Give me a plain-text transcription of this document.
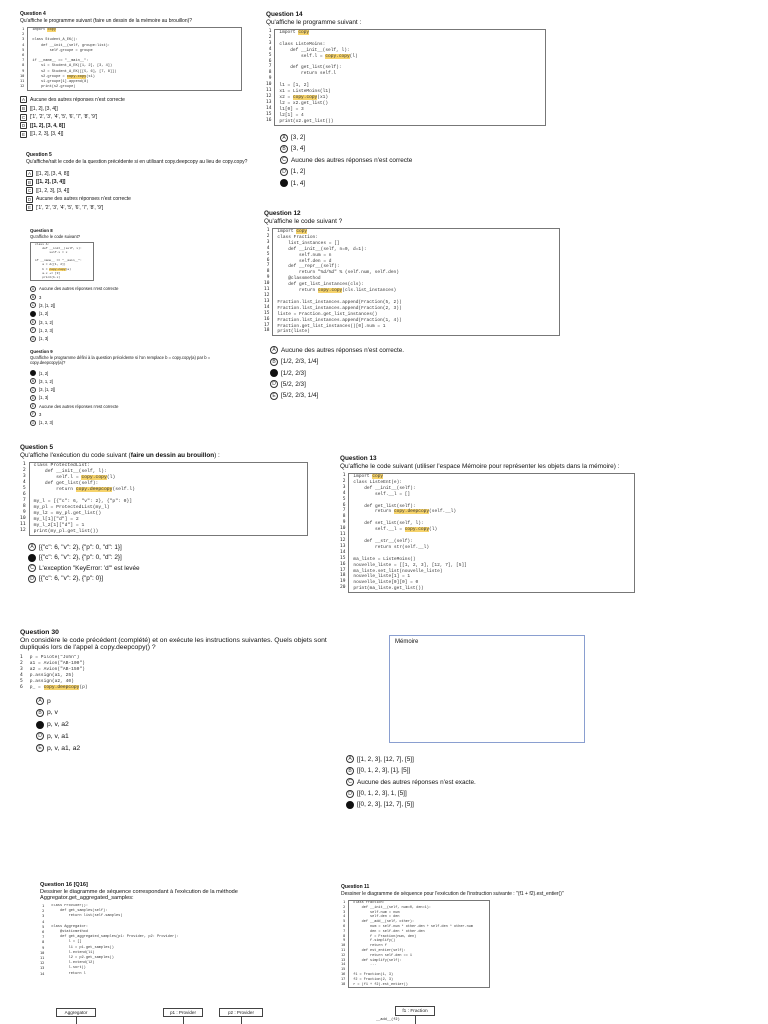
Question 4
Qu'affiche le programme suivant (faire un dessin de la mémoire au brouillon)?
1
2
3
4
5
6
7
8
9
10
11
12
import copy

class Student_A_EK():
def __init__(self, groupe:list):
self.groupe = groupe

if __name__ == "__main__":
s1 = Student_A_EK([1, 2], [3, 4])
s2 = Student_A_EK([[5, 6], [7, 8]])
s2.groupe = copy.copy(s1)
s1.groupe[1].append(8)
print(s2.groupe)
A	Aucune des autres réponses n'est correcte
B	[[1, 2], [3, 4]]
C ['1', '2', '3', '4', '5', '6', '7', '8', '9']
D [[1, 2], [3, 4, 8]]
E	[[1, 2, 3], [3, 4]]
Question 5
Qu'affiche/rait le code de la question précédente si en utilisant copy.deepcopy au lieu de copy.copy?
A	[[1, 2], [3, 4, 8]]
B	[[1, 2], [3, 4]]
C [[1, 2, 3], [3, 4]]
D Aucune des autres réponses n'est correcte
E	['1', '2', '3', '4', '5', '6', '7', '8', '9']
Question 8
Qu'affiche le code suivant?
class A:
def __init__(self, x):
self.x = x

if __name__ == "__main__":
a = A([1, 2])
b = copy.copy(a)
a.x += [3]
print(b.x)
A	Aucune des autres réponses n'est correcte
B	3
C	[3, [1, 2]]
D	[1, 2]
E	[3, 1, 2]
F	[1, 2, 3]
G	[1, 3]
Question 9
Qu'affiche le programme défini à la question précédente si l'on remplace b = copy.copy(a) par b = copy.deepcopy(a)?
A	[1, 2]
B	[3, 1, 2]
C	[3, [1, 2]]
D	[1, 3]
E	Aucune des autres réponses n'est correcte
F	3
G	[1, 2, 3]
Question 14
Qu'affiche le programme suivant :
1
2
3
4
5
6
7
8
9
10
11
12
13
14
15
16
import copy

class ListeMoins:
def __init__(self, l):
self.l = copy.copy(l)

def get_list(self):
return self.l

l1 = [1, 2]
x1 = ListeMoins(l1)
x2 = copy.copy(x1)
l2 = x2.get_list()
l1[0] = 3
l2[1] = 4
print(x2.get_list())
A [3, 2]
B [3, 4]
C Aucune des autres réponses n'est correcte
D [1, 2]
E [1, 4]
Question 12
Qu'affiche le code suivant ?
1
2
3
4
5
6
7
8
9
10
11
12
13
14
15
16
17
18
import copy
class Fraction:
list_instances = []
def __init__(self, n=0, d=1):
self.num = n
self.den = d
def __repr__(self):
return "%d/%d" % (self.num, self.den)
@classmethod
def get_list_instances(cls):
return copy.copy(cls.list_instances)

Fraction.list_instances.append(Fraction(5, 2))
Fraction.list_instances.append(Fraction(2, 3))
liste = Fraction.get_list_instances()
Fraction.list_instances.append(Fraction(1, 4))
Fraction.get_list_instances()[0].num = 1
print(liste)
A Aucune des autres réponses n'est correcte.
B [1/2, 2/3, 1/4]
C [1/2, 2/3]
D [5/2, 2/3]
E [5/2, 2/3, 1/4]
Question 5
Qu'affiche l'exécution du code suivant (faire un dessin au brouillon) :
1
2
3
4
5
6
7
8
9
10
11
12
class ProtectedList:
def __init__(self, l):
self.l = copy.copy(l)
def get_list(self):
return copy.deepcopy(self.l)

my_l = [{"c": 6, "v": 2}, {"p": 0}]
my_pl = ProtectedList(my_l)
my_l2 = my_pl.get_list()
my_l[1]["d"] = 2
my_l_2[1]["d"] = 1
print(my_pl.get_list())
A [{"c": 6, "v": 2}, {"p": 0, "d": 1}]
B [{"c": 6, "v": 2}, {"p": 0, "d": 2}]
C L'exception "KeyError: 'd'" est levée
D [{"c": 6, "v": 2}, {"p": 0}]
Question 13
Qu'affiche le code suivant (utiliser l'espace Mémoire pour représenter les objets dans la mémoire) :
1
2
3
4
5
6
7
8
9
10
11
12
13
14
15
16
17
18
19
20
import copy
class ListeEnt(e):
def __init__(self):
self.__l = []

def get_list(self):
return copy.deepcopy(self.__l)

def set_list(self, l):
self.__l = copy.copy(l)

def __str__(self):
return str(self.__l)

ma_liste = ListeMoins()
nouvelle_liste = [[1, 2, 3], [12, 7], [5]]
ma_liste.set_list(nouvelle_liste)
nouvelle_liste[1] = 1
nouvelle_liste[0][0] = 0
print(ma_liste.get_list())
Mémoire
A [[1, 2, 3], [12, 7], [5]]
B [[0, 1, 2, 3], [1], [5]]
C Aucune des autres réponses n'est exacte.
D [[0, 1, 2, 3], 1, [5]]
E [[0, 2, 3], [12, 7], [5]]
Question 30
On considère le code précédent (complété) et on exécute les instructions suivantes. Quels objets sont dupliqués lors de l'appel à copy.deepcopy() ?
1
2
3
4
5
6
p = Pilote("John")
a1 = Avion("AB-100")
a2 = Avion("AB-150")
p.assign(a1, 25)
p.assign(a2, 40)
p_ = copy.deepcopy(p)
A p
B p, v
C p, v, a2
D p, v, a1
E p, v, a1, a2
Question 16 [Q16]
Dessiner le diagramme de séquence correspondant à l'exécution de la méthode Aggregator.get_aggregated_samples:
1
2
3
4
5
6
7
8
9
10
11
12
13
14
class Provider():
def get_samples(self):
return list(self.samples)

class Aggregator:
@staticmethod
def get_aggregated_samples(p1: Provider, p2: Provider):
l = []
l1 = p1.get_samples()
l.extend(l1)
l2 = p2.get_samples()
l.extend(l2)
l.sort()
return l
Aggregator	p1 : Provider	p2 : Provider
Question 11
Dessiner le diagramme de séquence pour l'exécution de l'instruction suivante : "(f1 + f2).est_entier()"
1
2
3
4
5
6
7
8
9
10
11
12
13
14
15
16
17
18
class Fraction:
def __init__(self, num=0, den=1):
self.num = num
self.den = den
def __add__(self, other):
num = self.num * other.den + self.den * other.num
den = self.den * other.den
f = Fraction(num, den)
f.simplify()
return f
def est_entier(self):
return self.den == 1
def simplify(self):
...

f1 = Fraction(1, 3)
f2 = Fraction(2, 3)
r = (f1 + f2).est_entier()
f1 : Fraction
__add__(f2)
